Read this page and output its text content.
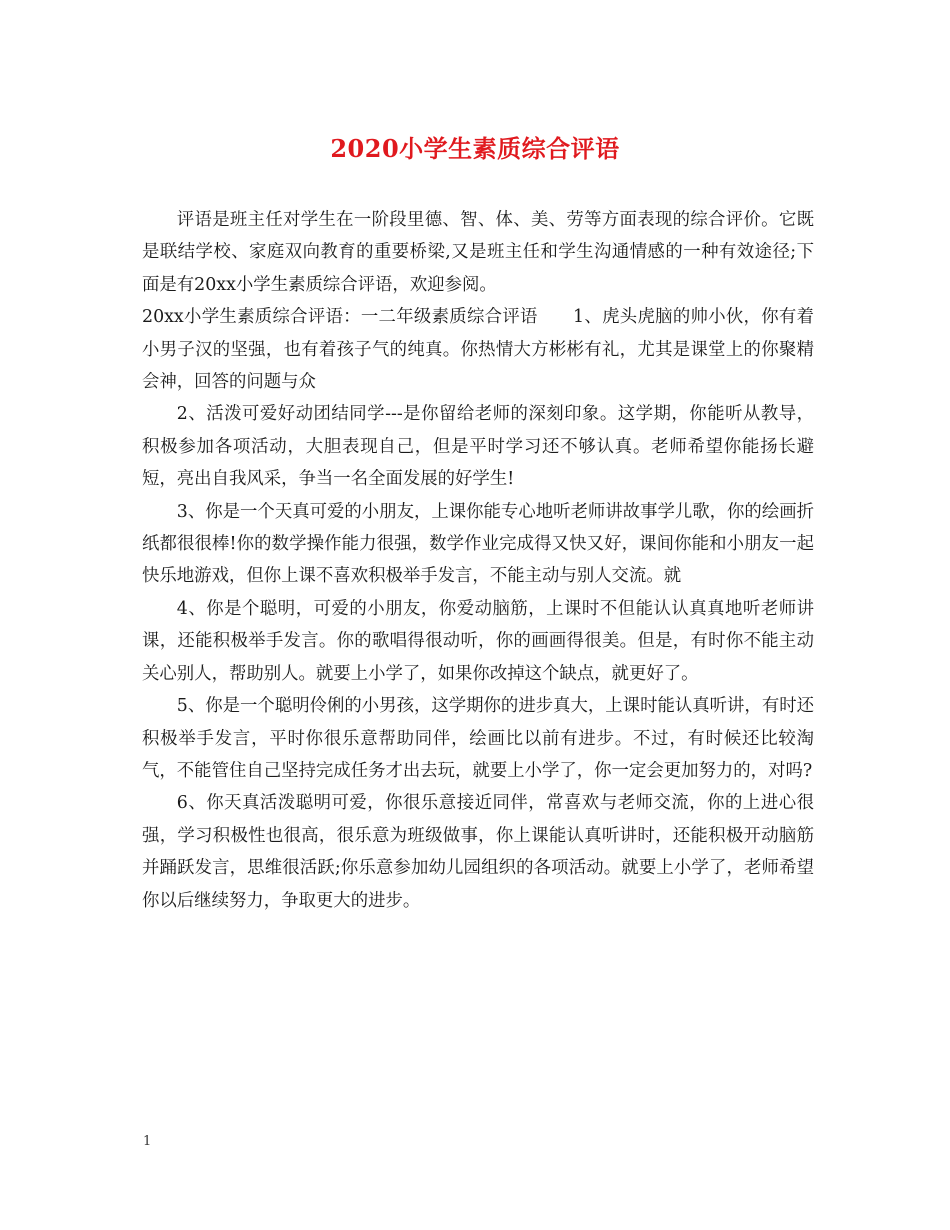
2020小学生素质综合评语

评语是班主任对学生在一阶段里德、智、体、美、劳等方面表现的综合评价。它既是联结学校、家庭双向教育的重要桥梁,又是班主任和学生沟通情感的一种有效途径;下面是有20xx小学生素质综合评语，欢迎参阅。

20xx小学生素质综合评语：一二年级素质综合评语　　1、虎头虎脑的帅小伙，你有着小男子汉的坚强，也有着孩子气的纯真。你热情大方彬彬有礼，尤其是课堂上的你聚精会神，回答的问题与众

2、活泼可爱好动团结同学---是你留给老师的深刻印象。这学期，你能听从教导，积极参加各项活动，大胆表现自己，但是平时学习还不够认真。老师希望你能扬长避短，亮出自我风采，争当一名全面发展的好学生!

3、你是一个天真可爱的小朋友，上课你能专心地听老师讲故事学儿歌，你的绘画折纸都很很棒!你的数学操作能力很强，数学作业完成得又快又好，课间你能和小朋友一起快乐地游戏，但你上课不喜欢积极举手发言，不能主动与别人交流。就

4、你是个聪明，可爱的小朋友，你爱动脑筋，上课时不但能认认真真地听老师讲课，还能积极举手发言。你的歌唱得很动听，你的画画得很美。但是，有时你不能主动关心别人，帮助别人。就要上小学了，如果你改掉这个缺点，就更好了。

5、你是一个聪明伶俐的小男孩，这学期你的进步真大，上课时能认真听讲，有时还积极举手发言，平时你很乐意帮助同伴，绘画比以前有进步。不过，有时候还比较淘气，不能管住自己坚持完成任务才出去玩，就要上小学了，你一定会更加努力的，对吗?

6、你天真活泼聪明可爱，你很乐意接近同伴，常喜欢与老师交流，你的上进心很强，学习积极性也很高，很乐意为班级做事，你上课能认真听讲时，还能积极开动脑筋并踊跃发言，思维很活跃;你乐意参加幼儿园组织的各项活动。就要上小学了，老师希望你以后继续努力，争取更大的进步。

1
